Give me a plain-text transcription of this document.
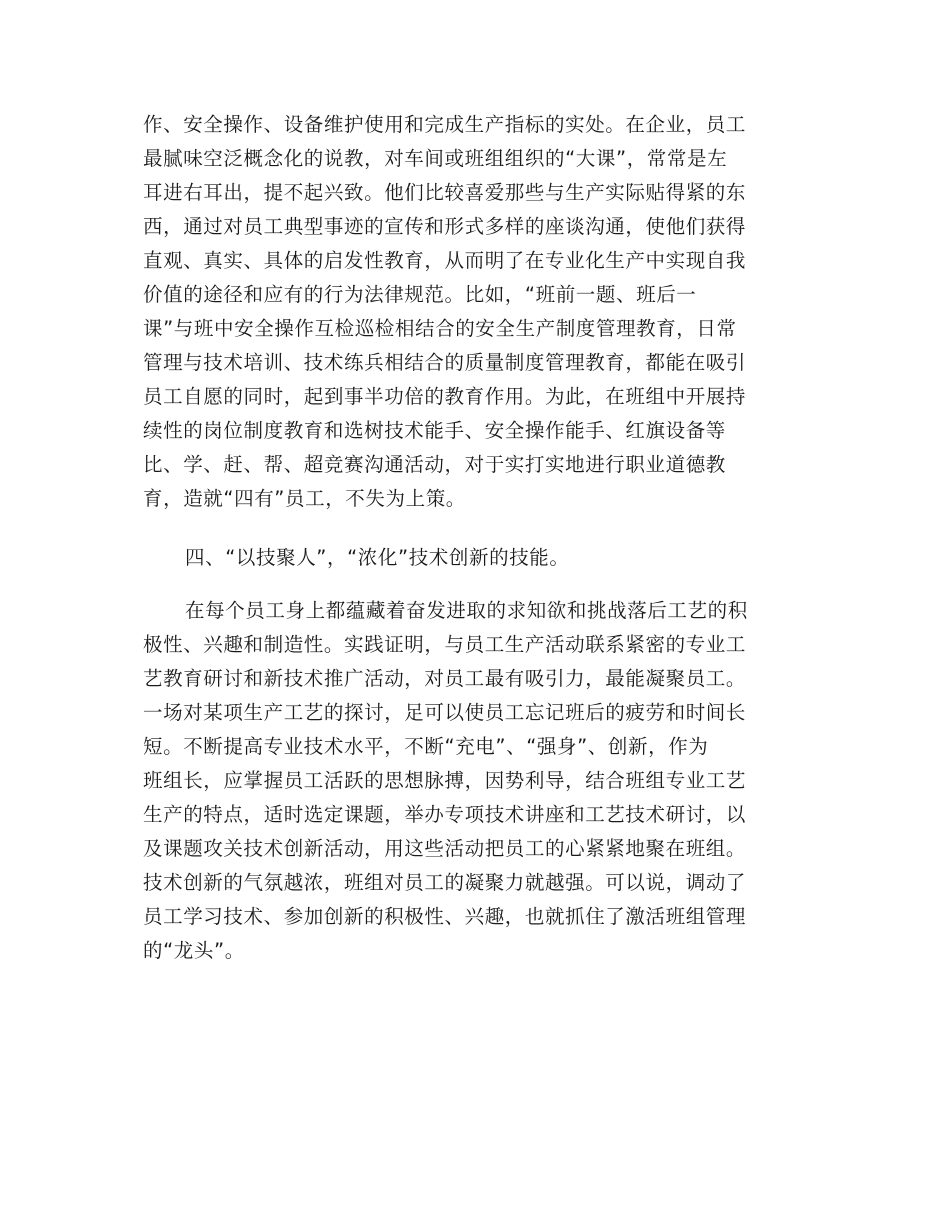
作、安全操作、设备维护使用和完成生产指标的实处。在企业，员工
最腻味空泛概念化的说教，对车间或班组组织的“大课”，常常是左
耳进右耳出，提不起兴致。他们比较喜爱那些与生产实际贴得紧的东
西，通过对员工典型事迹的宣传和形式多样的座谈沟通，使他们获得
直观、真实、具体的启发性教育，从而明了在专业化生产中实现自我
价值的途径和应有的行为法律规范。比如，“班前一题、班后一
课”与班中安全操作互检巡检相结合的安全生产制度管理教育，日常
管理与技术培训、技术练兵相结合的质量制度管理教育，都能在吸引
员工自愿的同时，起到事半功倍的教育作用。为此，在班组中开展持
续性的岗位制度教育和选树技术能手、安全操作能手、红旗设备等
比、学、赶、帮、超竞赛沟通活动，对于实打实地进行职业道德教
育，造就“四有”员工，不失为上策。
四、“以技聚人”，“浓化”技术创新的技能。
在每个员工身上都蕴藏着奋发进取的求知欲和挑战落后工艺的积
极性、兴趣和制造性。实践证明，与员工生产活动联系紧密的专业工
艺教育研讨和新技术推广活动，对员工最有吸引力，最能凝聚员工。
一场对某项生产工艺的探讨，足可以使员工忘记班后的疲劳和时间长
短。不断提高专业技术水平，不断“充电”、“强身”、创新，作为
班组长，应掌握员工活跃的思想脉搏，因势利导，结合班组专业工艺
生产的特点，适时选定课题，举办专项技术讲座和工艺技术研讨，以
及课题攻关技术创新活动，用这些活动把员工的心紧紧地聚在班组。
技术创新的气氛越浓，班组对员工的凝聚力就越强。可以说，调动了
员工学习技术、参加创新的积极性、兴趣，也就抓住了激活班组管理
的“龙头”。
